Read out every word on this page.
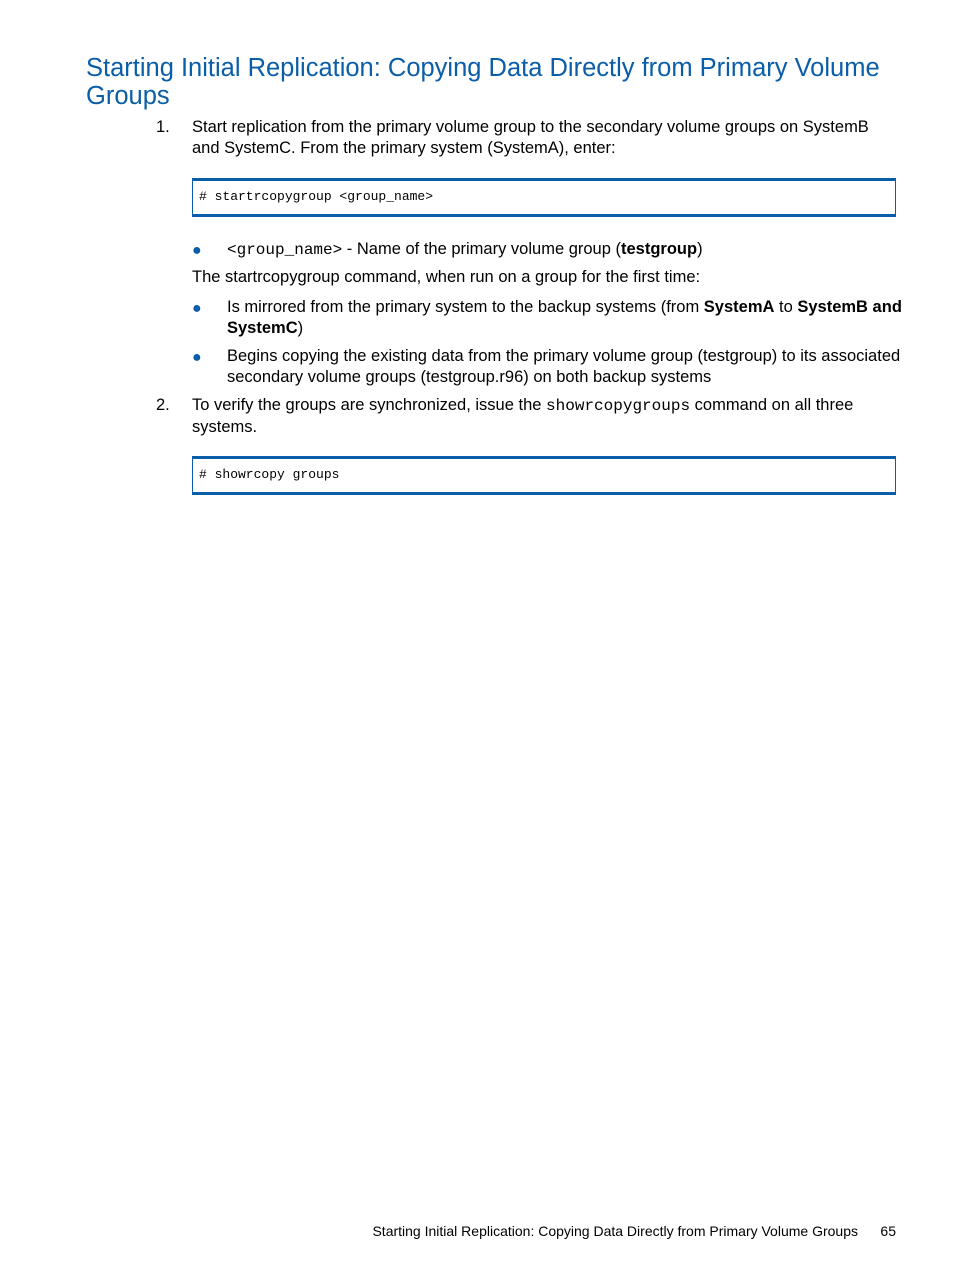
Starting Initial Replication: Copying Data Directly from Primary Volume Groups
1. Start replication from the primary volume group to the secondary volume groups on SystemB and SystemC. From the primary system (SystemA), enter:
# startrcopygroup <group_name>
● <group_name> - Name of the primary volume group (testgroup)
The startrcopygroup command, when run on a group for the first time:
● Is mirrored from the primary system to the backup systems (from SystemA to SystemB and SystemC)
● Begins copying the existing data from the primary volume group (testgroup) to its associated secondary volume groups (testgroup.r96) on both backup systems
2. To verify the groups are synchronized, issue the showrcopygroups command on all three systems.
# showrcopy groups
Starting Initial Replication: Copying Data Directly from Primary Volume Groups 65
